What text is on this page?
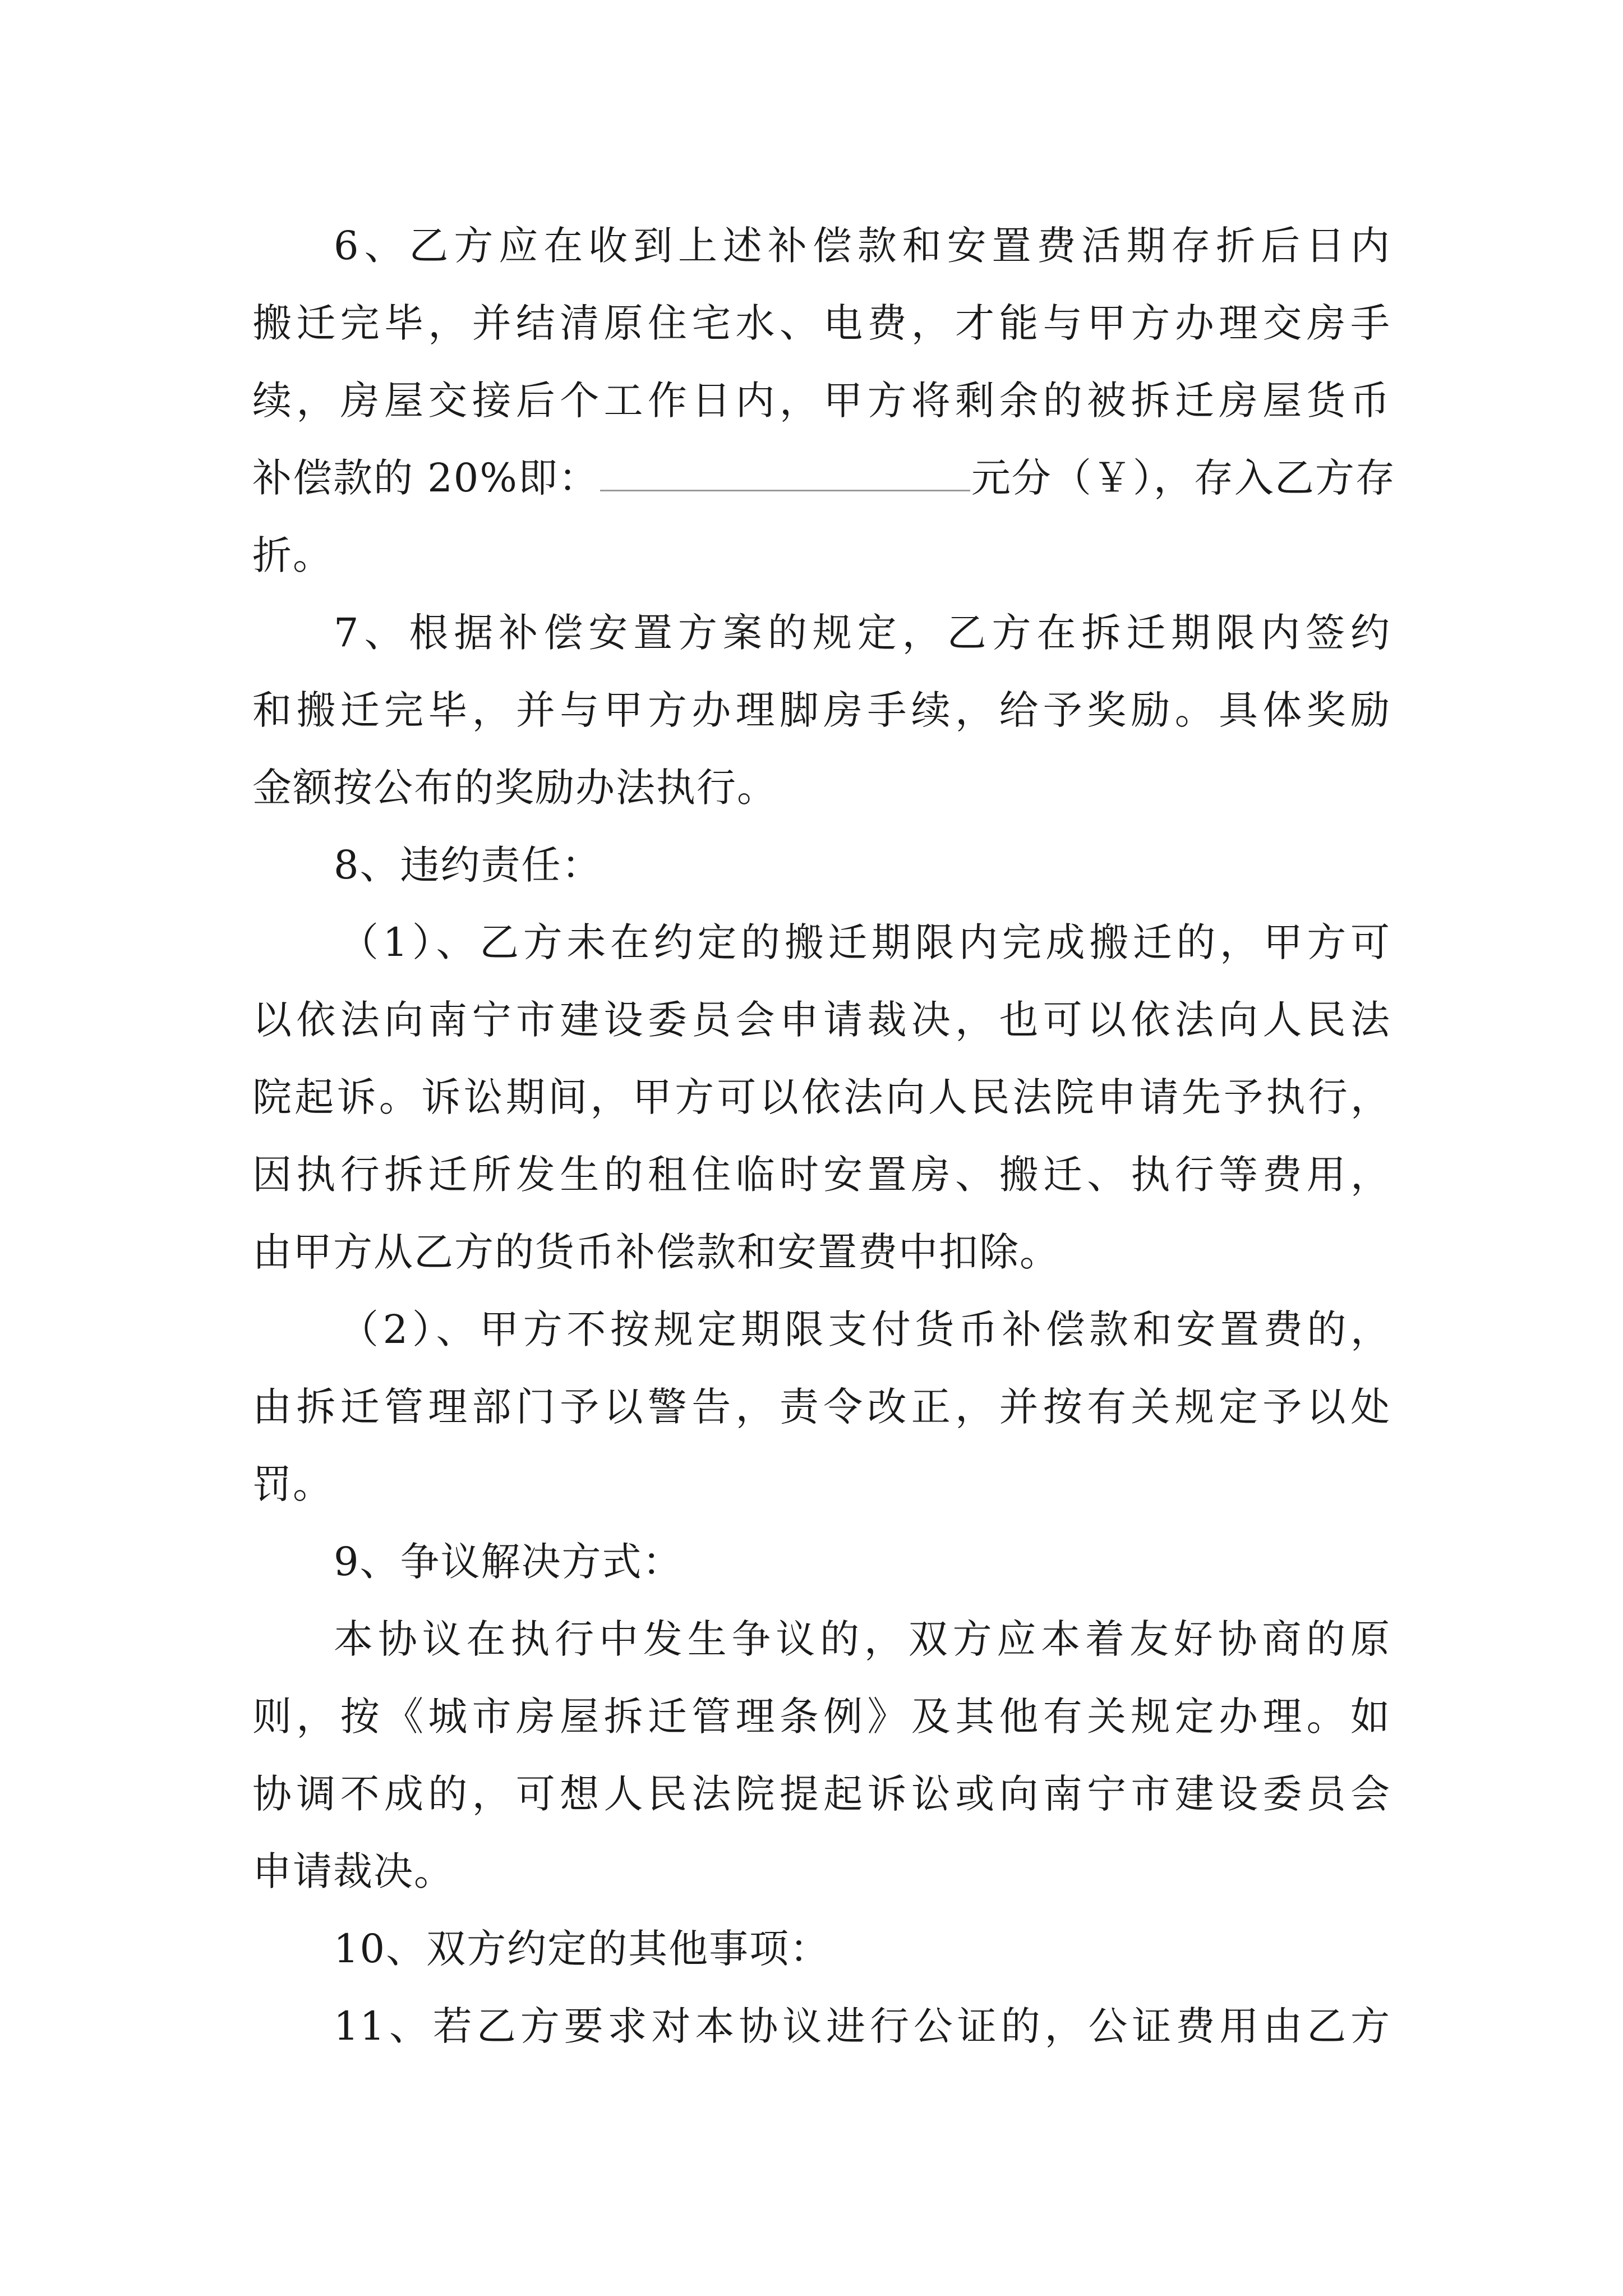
6、乙方应在收到上述补偿款和安置费活期存折后日内
搬迁完毕，并结清原住宅水、电费，才能与甲方办理交房手
续，房屋交接后个工作日内，甲方将剩余的被拆迁房屋货币
补偿款的 20%即：	元分（￥），存入乙方存
折。
7、根据补偿安置方案的规定，乙方在拆迁期限内签约
和搬迁完毕，并与甲方办理脚房手续，给予奖励。具体奖励
金额按公布的奖励办法执行。
8、违约责任：
（1）、乙方未在约定的搬迁期限内完成搬迁的，甲方可
以依法向南宁市建设委员会申请裁决，也可以依法向人民法
院起诉。诉讼期间，甲方可以依法向人民法院申请先予执行，
因执行拆迁所发生的租住临时安置房、搬迁、执行等费用，
由甲方从乙方的货币补偿款和安置费中扣除。
（2）、甲方不按规定期限支付货币补偿款和安置费的，
由拆迁管理部门予以警告，责令改正，并按有关规定予以处
罚。
9、争议解决方式：
本协议在执行中发生争议的，双方应本着友好协商的原
则，按《城市房屋拆迁管理条例》及其他有关规定办理。如
协调不成的，可想人民法院提起诉讼或向南宁市建设委员会
申请裁决。
10、双方约定的其他事项：
11、若乙方要求对本协议进行公证的，公证费用由乙方
